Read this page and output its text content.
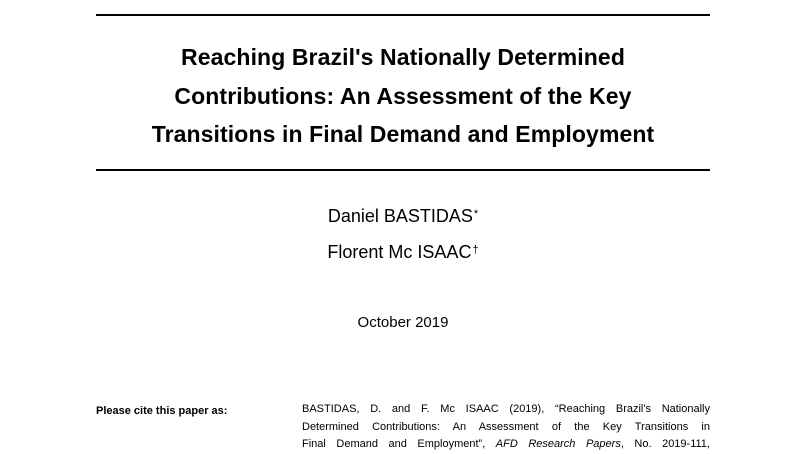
Reaching Brazil's Nationally Determined
Contributions: An Assessment of the Key
Transitions in Final Demand and Employment
Daniel BASTIDAS*
Florent Mc ISAAC†
October 2019
Please cite this paper as:	BASTIDAS, D. and F. Mc ISAAC (2019), “Reaching Brazil's Nationally
Determined Contributions: An Assessment of the Key Transitions in
Final Demand and Employment”, AFD Research Papers, No. 2019-111,
